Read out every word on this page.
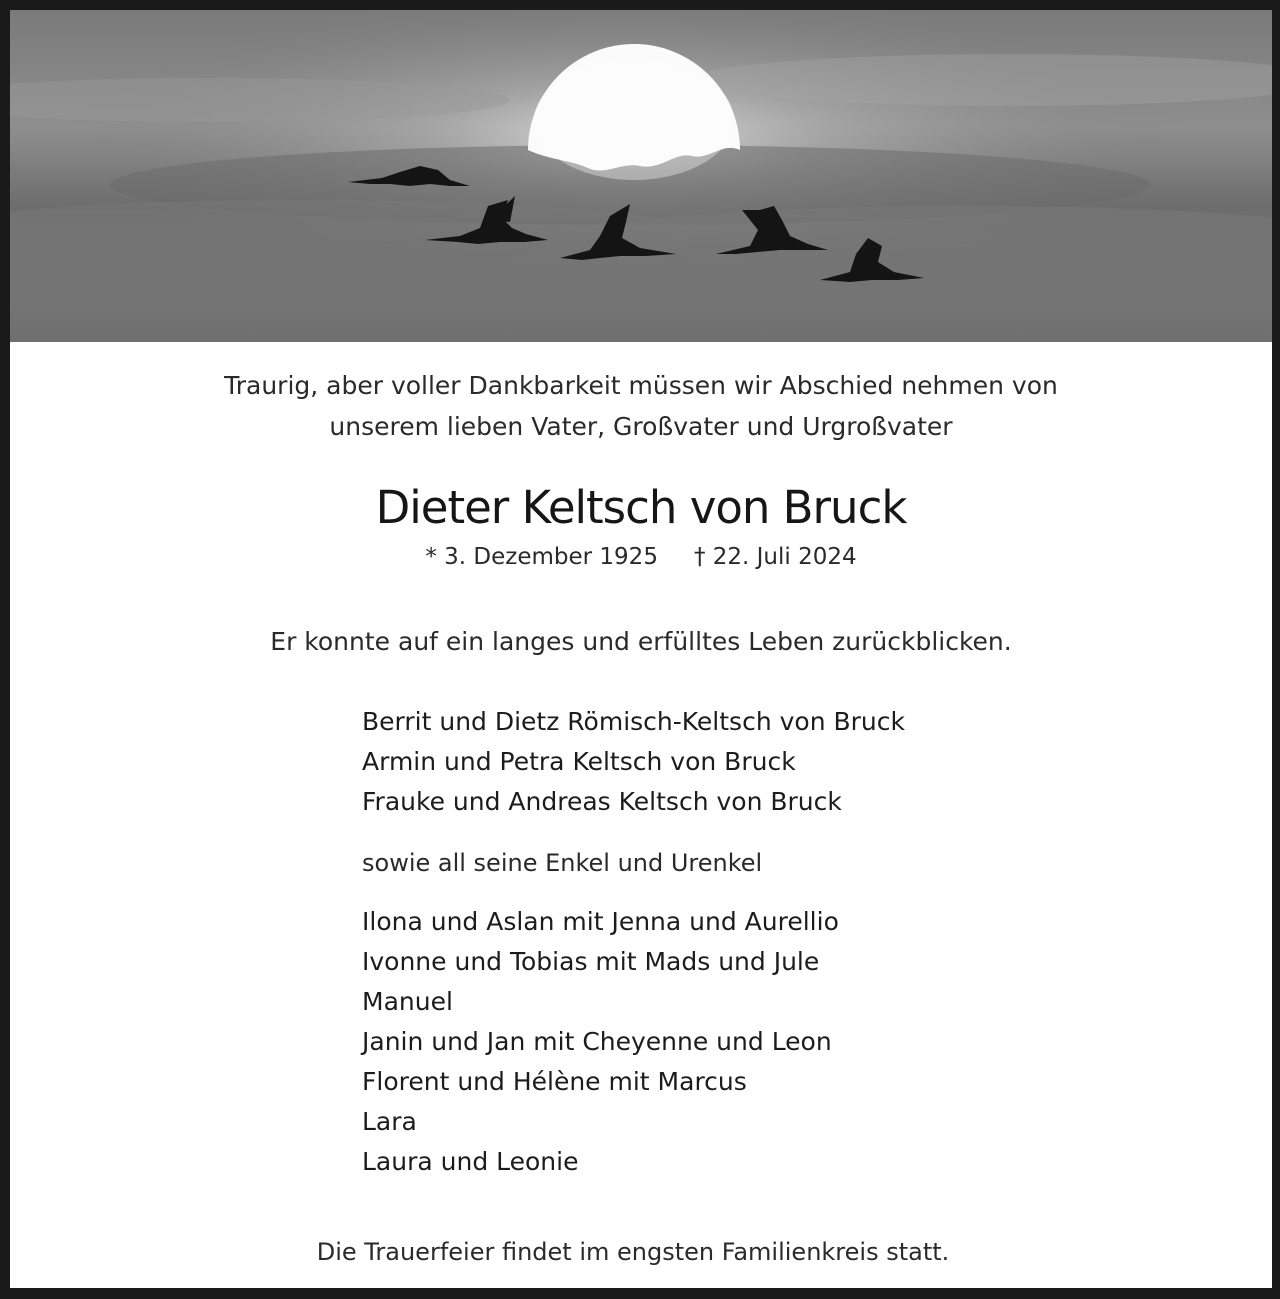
Traurig, aber voller Dankbarkeit müssen wir Abschied nehmen von
unserem lieben Vater, Großvater und Urgroßvater
Dieter Keltsch von Bruck
* 3. Dezember 1925 † 22. Juli 2024
Er konnte auf ein langes und erfülltes Leben zurückblicken.
Berrit und Dietz Römisch-Keltsch von Bruck
Armin und Petra Keltsch von Bruck
Frauke und Andreas Keltsch von Bruck
sowie all seine Enkel und Urenkel
Ilona und Aslan mit Jenna und Aurellio
Ivonne und Tobias mit Mads und Jule
Manuel
Janin und Jan mit Cheyenne und Leon
Florent und Hélène mit Marcus
Lara
Laura und Leonie
Die Trauerfeier findet im engsten Familienkreis statt.
